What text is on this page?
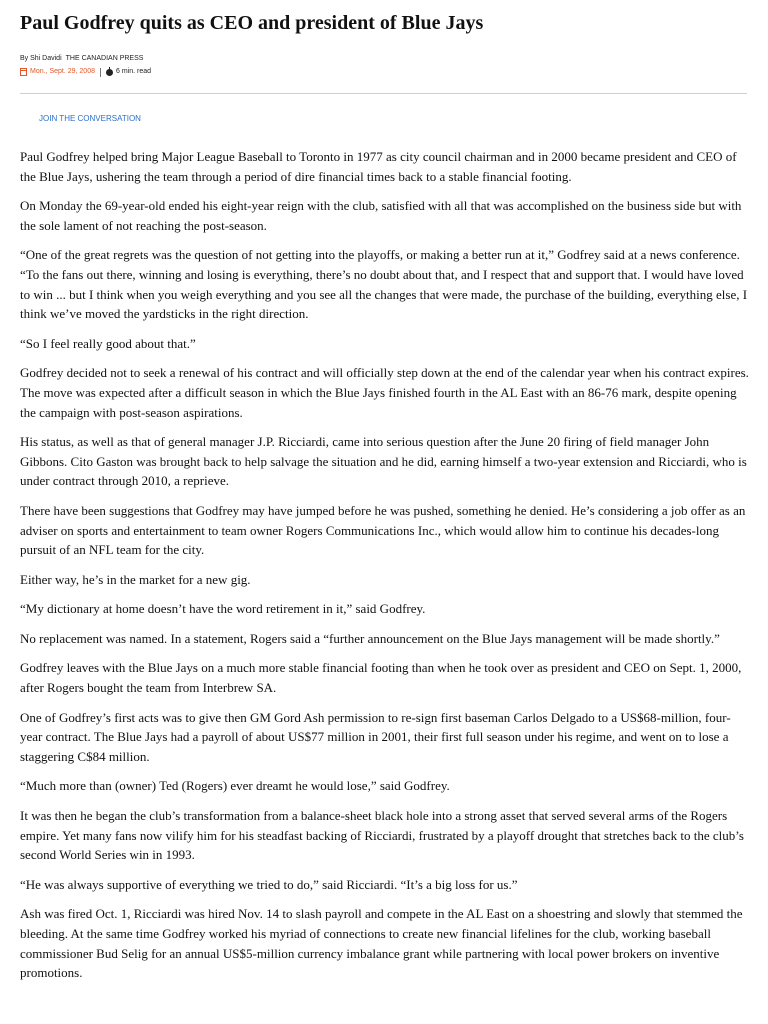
Paul Godfrey quits as CEO and president of Blue Jays
By Shi Davidi THE CANADIAN PRESS
Mon., Sept. 29, 2008	6 min. read
JOIN THE CONVERSATION

Paul Godfrey helped bring Major League Baseball to Toronto in 1977 as city council chairman and in 2000 became president and CEO of the Blue Jays, ushering the team through a period of dire financial times back to a stable financial footing.

On Monday the 69-year-old ended his eight-year reign with the club, satisfied with all that was accomplished on the business side but with the sole lament of not reaching the post-season.

“One of the great regrets was the question of not getting into the playoffs, or making a better run at it,” Godfrey said at a news conference. “To the fans out there, winning and losing is everything, there’s no doubt about that, and I respect that and support that. I would have loved to win ... but I think when you weigh everything and you see all the changes that were made, the purchase of the building, everything else, I think we’ve moved the yardsticks in the right direction.

“So I feel really good about that.”

Godfrey decided not to seek a renewal of his contract and will officially step down at the end of the calendar year when his contract expires. The move was expected after a difficult season in which the Blue Jays finished fourth in the AL East with an 86-76 mark, despite opening the campaign with post-season aspirations.

His status, as well as that of general manager J.P. Ricciardi, came into serious question after the June 20 firing of field manager John Gibbons. Cito Gaston was brought back to help salvage the situation and he did, earning himself a two-year extension and Ricciardi, who is under contract through 2010, a reprieve.

There have been suggestions that Godfrey may have jumped before he was pushed, something he denied. He’s considering a job offer as an adviser on sports and entertainment to team owner Rogers Communications Inc., which would allow him to continue his decades-long pursuit of an NFL team for the city.

Either way, he’s in the market for a new gig.

“My dictionary at home doesn’t have the word retirement in it,” said Godfrey.

No replacement was named. In a statement, Rogers said a “further announcement on the Blue Jays management will be made shortly.”

Godfrey leaves with the Blue Jays on a much more stable financial footing than when he took over as president and CEO on Sept. 1, 2000, after Rogers bought the team from Interbrew SA.

One of Godfrey’s first acts was to give then GM Gord Ash permission to re-sign first baseman Carlos Delgado to a US$68-million, four-year contract. The Blue Jays had a payroll of about US$77 million in 2001, their first full season under his regime, and went on to lose a staggering C$84 million.

“Much more than (owner) Ted (Rogers) ever dreamt he would lose,” said Godfrey.

It was then he began the club’s transformation from a balance-sheet black hole into a strong asset that served several arms of the Rogers empire. Yet many fans now vilify him for his steadfast backing of Ricciardi, frustrated by a playoff drought that stretches back to the club’s second World Series win in 1993.

“He was always supportive of everything we tried to do,” said Ricciardi. “It’s a big loss for us.”

Ash was fired Oct. 1, Ricciardi was hired Nov. 14 to slash payroll and compete in the AL East on a shoestring and slowly that stemmed the bleeding. At the same time Godfrey worked his myriad of connections to create new financial lifelines for the club, working baseball commissioner Bud Selig for an annual US$5-million currency imbalance grant while partnering with local power brokers on inventive promotions.
